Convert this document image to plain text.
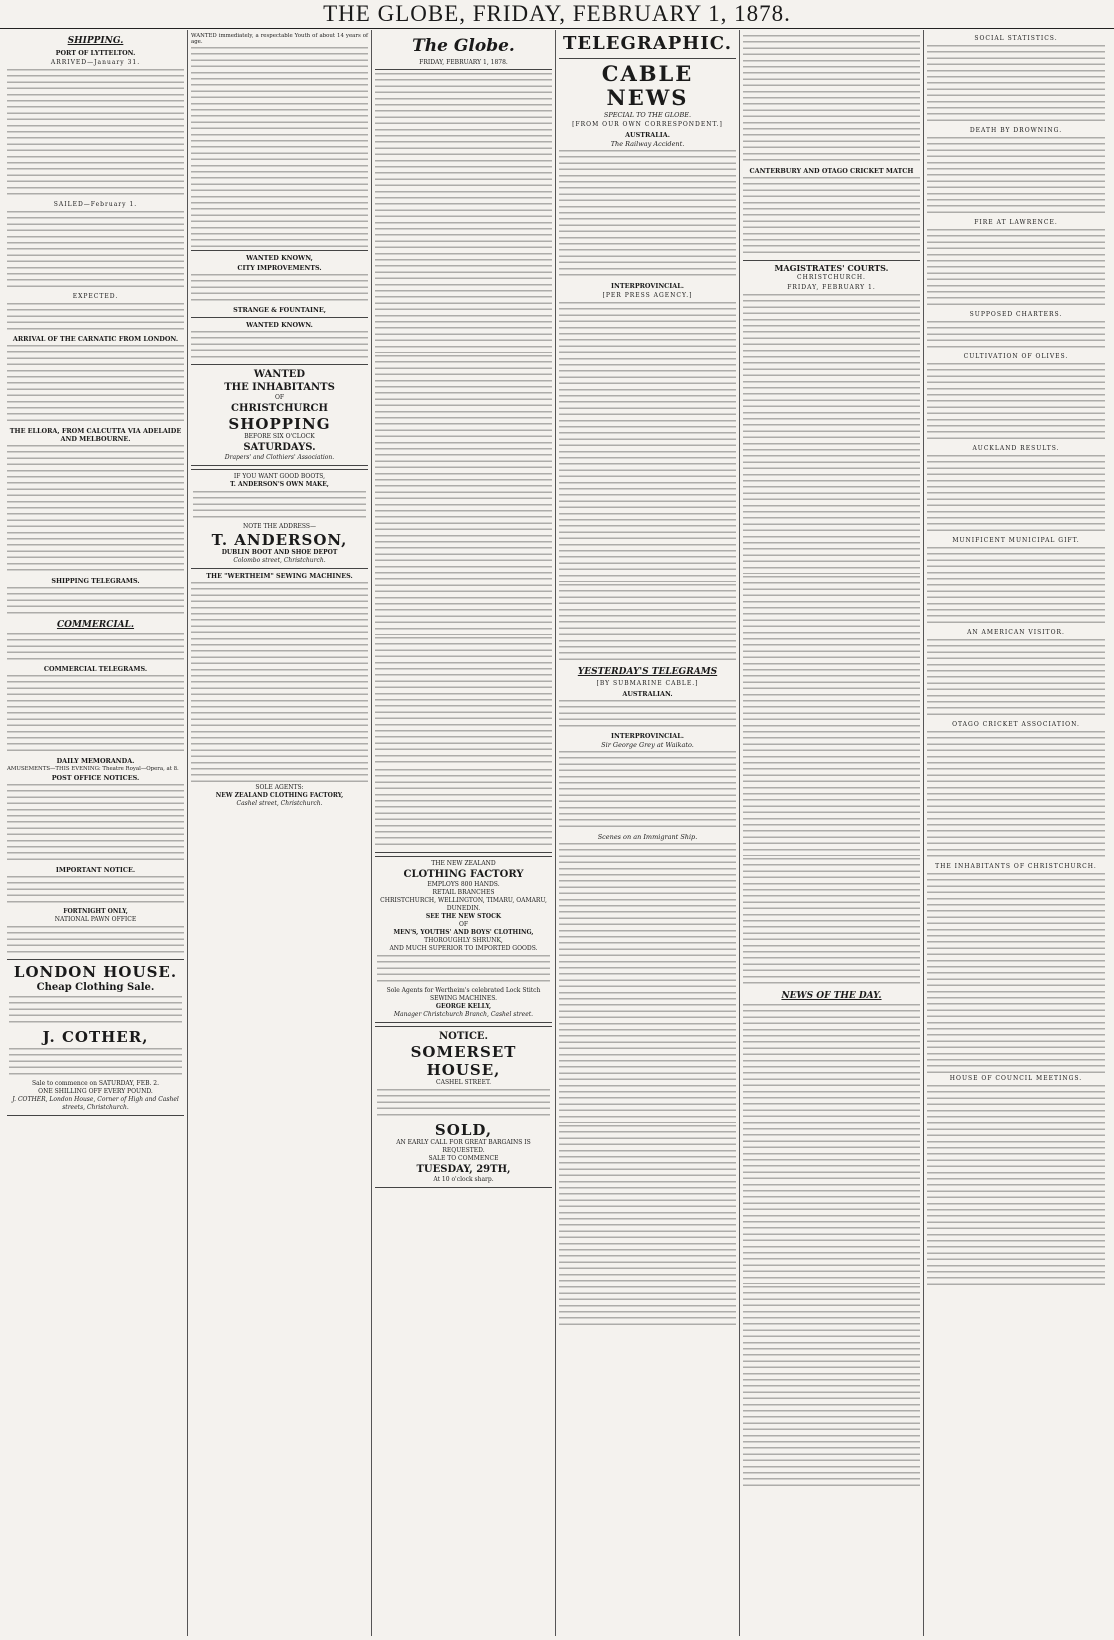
THE GLOBE, FRIDAY, FEBRUARY 1, 1878.
SHIPPING.
PORT OF LYTTELTON.
ARRIVED—January 31.
SAILED—February 1.
EXPECTED.
ARRIVAL OF THE CARNATIC FROM LONDON.
THE ELLORA, FROM CALCUTTA VIA ADELAIDE AND MELBOURNE.
SHIPPING TELEGRAMS.
COMMERCIAL.
COMMERCIAL TELEGRAMS.
DAILY MEMORANDA.

AMUSEMENTS—THIS EVENING: Theatre Royal—Opera, at 8.

POST OFFICE NOTICES.
IMPORTANT NOTICE.
FORTNIGHT ONLY,
NATIONAL PAWN OFFICE
LONDON HOUSE.
Cheap Clothing Sale.
J. COTHER,
Sale to commence on SATURDAY, FEB. 2.
ONE SHILLING OFF EVERY POUND.
J. COTHER, London House, Corner of High and Cashel streets, Christchurch.

WANTED immediately, a respectable Youth of about 14 years of age.

WANTED KNOWN,
CITY IMPROVEMENTS.
STRANGE & FOUNTAINE,
WANTED KNOWN.
WANTED
THE INHABITANTS
OF
CHRISTCHURCH
SHOPPING
BEFORE SIX O'CLOCK
SATURDAYS.
Drapers' and Clothiers' Association.
IF YOU WANT GOOD BOOTS,
T. ANDERSON'S OWN MAKE,
NOTE THE ADDRESS—
T. ANDERSON,
DUBLIN BOOT AND SHOE DEPOT
Colombo street, Christchurch.
THE "WERTHEIM" SEWING MACHINES.
SOLE AGENTS:
NEW ZEALAND CLOTHING FACTORY,
Cashel street, Christchurch.
The Globe.
FRIDAY, FEBRUARY 1, 1878.
THE NEW ZEALAND
CLOTHING FACTORY
EMPLOYS 800 HANDS.
RETAIL BRANCHES
CHRISTCHURCH, WELLINGTON, TIMARU, OAMARU, DUNEDIN.
SEE THE NEW STOCK
OF
MEN'S, YOUTHS' AND BOYS' CLOTHING,
THOROUGHLY SHRUNK,
AND MUCH SUPERIOR TO IMPORTED GOODS.
Sole Agents for Wertheim's celebrated Lock Stitch SEWING MACHINES.
GEORGE KELLY,
Manager Christchurch Branch, Cashel street.
NOTICE.
SOMERSET HOUSE,
CASHEL STREET.
SOLD,
AN EARLY CALL FOR GREAT BARGAINS IS REQUESTED.
SALE TO COMMENCE
TUESDAY, 29TH,
At 10 o'clock sharp.
TELEGRAPHIC.
CABLE NEWS
SPECIAL TO THE GLOBE.
[FROM OUR OWN CORRESPONDENT.]
AUSTRALIA.
The Railway Accident.
INTERPROVINCIAL.
[PER PRESS AGENCY.]
YESTERDAY'S TELEGRAMS
[BY SUBMARINE CABLE.]
AUSTRALIAN.
INTERPROVINCIAL.
Sir George Grey at Waikato.
Scenes on an Immigrant Ship.
CANTERBURY AND OTAGO CRICKET MATCH
MAGISTRATES' COURTS.
CHRISTCHURCH.
FRIDAY, FEBRUARY 1.
NEWS OF THE DAY.
SOCIAL STATISTICS.
DEATH BY DROWNING.
FIRE AT LAWRENCE.
SUPPOSED CHARTERS.
CULTIVATION OF OLIVES.
AUCKLAND RESULTS.
MUNIFICENT MUNICIPAL GIFT.
AN AMERICAN VISITOR.
OTAGO CRICKET ASSOCIATION.
THE INHABITANTS OF CHRISTCHURCH.
HOUSE OF COUNCIL MEETINGS.
